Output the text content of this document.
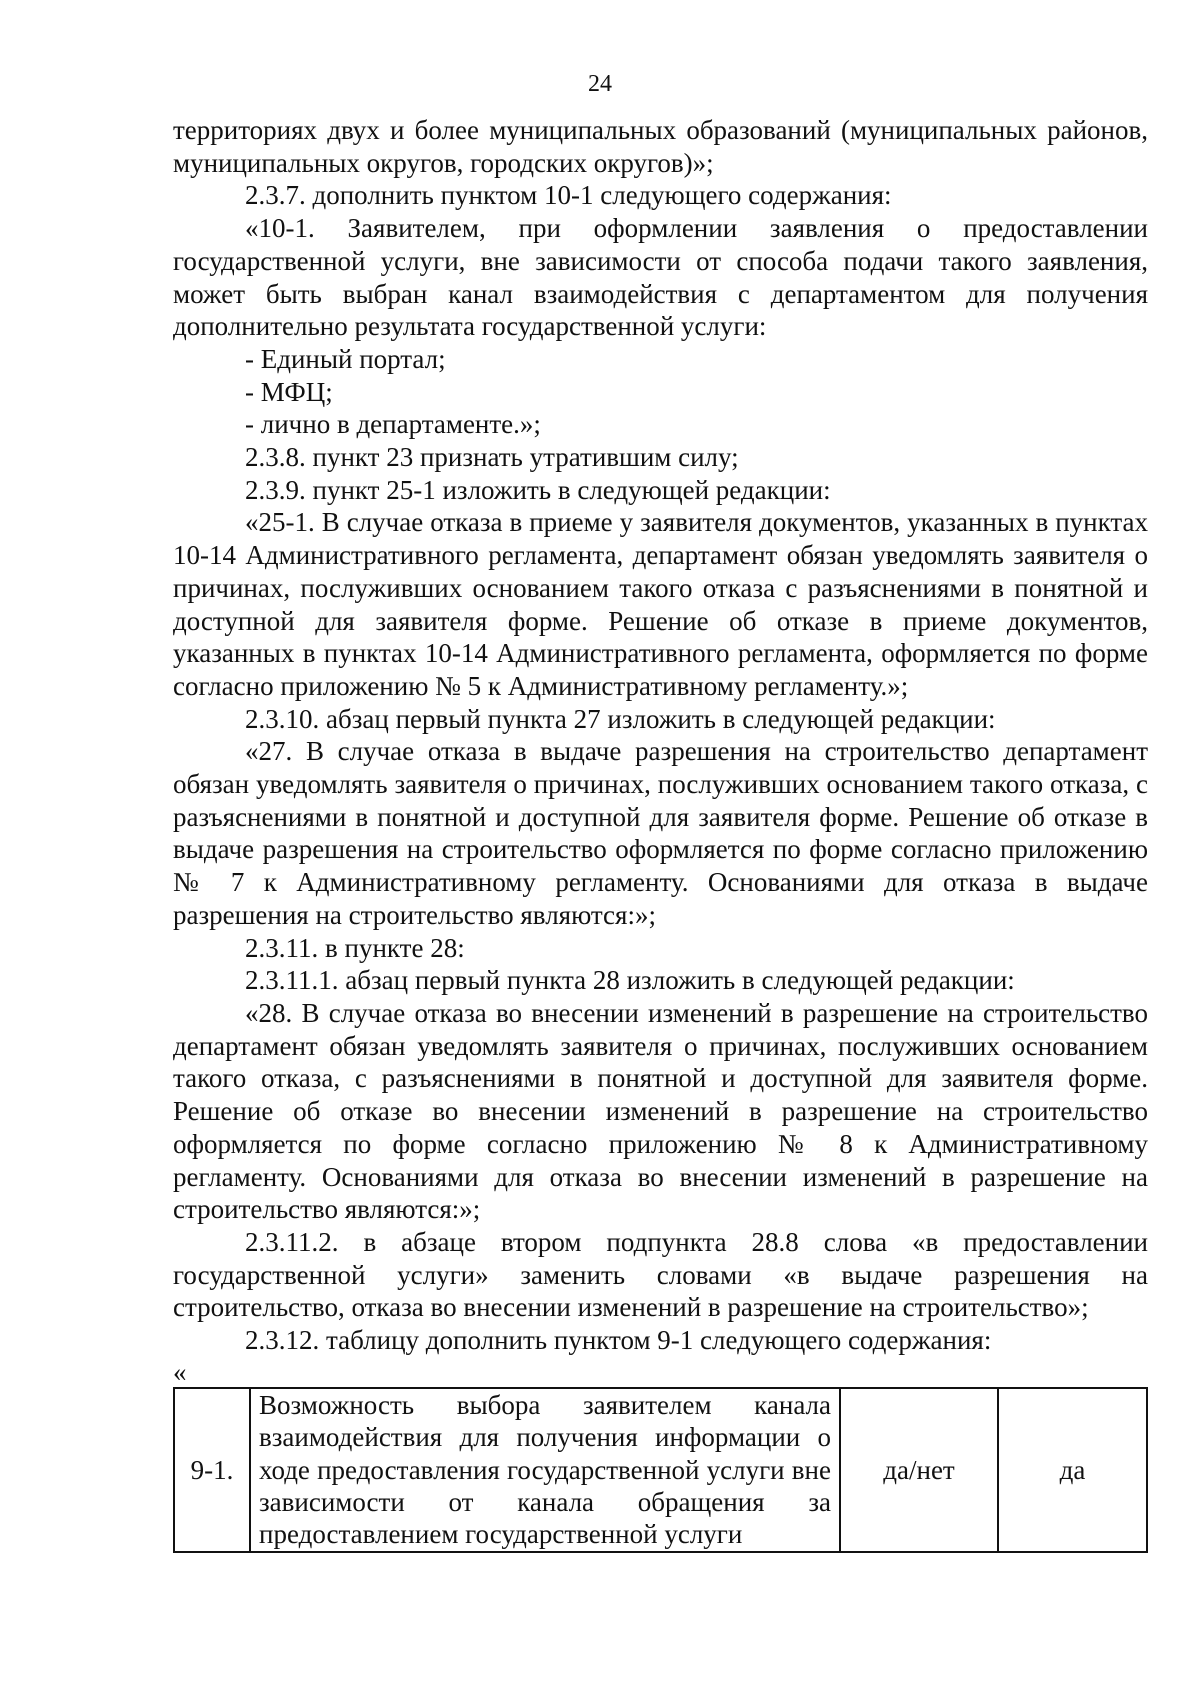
24

территориях двух и более муниципальных образований (муниципальных районов, муниципальных округов, городских округов)»;

2.3.7. дополнить пунктом 10-1 следующего содержания:

«10-1. Заявителем, при оформлении заявления о предоставлении государственной услуги, вне зависимости от способа подачи такого заявления, может быть выбран канал взаимодействия с департаментом для получения дополнительно результата государственной услуги:

- Единый портал;

- МФЦ;

- лично в департаменте.»;

2.3.8. пункт 23 признать утратившим силу;

2.3.9. пункт 25-1 изложить в следующей редакции:

«25-1. В случае отказа в приеме у заявителя документов, указанных в пунктах 10-14 Административного регламента, департамент обязан уведомлять заявителя о причинах, послуживших основанием такого отказа с разъяснениями в понятной и доступной для заявителя форме. Решение об отказе в приеме документов, указанных в пунктах 10-14 Административного регламента, оформляется по форме согласно приложению № 5 к Административному регламенту.»;

2.3.10. абзац первый пункта 27 изложить в следующей редакции:

«27. В случае отказа в выдаче разрешения на строительство департамент обязан уведомлять заявителя о причинах, послуживших основанием такого отказа, с разъяснениями в понятной и доступной для заявителя форме. Решение об отказе в выдаче разрешения на строительство оформляется по форме согласно приложению № 7 к Административному регламенту. Основаниями для отказа в выдаче разрешения на строительство являются:»;

2.3.11. в пункте 28:

2.3.11.1. абзац первый пункта 28 изложить в следующей редакции:

«28. В случае отказа во внесении изменений в разрешение на строительство департамент обязан уведомлять заявителя о причинах, послуживших основанием такого отказа, с разъяснениями в понятной и доступной для заявителя форме. Решение об отказе во внесении изменений в разрешение на строительство оформляется по форме согласно приложению № 8 к Административному регламенту. Основаниями для отказа во внесении изменений в разрешение на строительство являются:»;

2.3.11.2. в абзаце втором подпункта 28.8 слова «в предоставлении государственной услуги» заменить словами «в выдаче разрешения на строительство, отказа во внесении изменений в разрешение на строительство»;

2.3.12. таблицу дополнить пунктом 9-1 следующего содержания:

«

9-1.	Возможность выбора заявителем канала взаимодействия для получения информации о ходе предоставления государственной услуги вне зависимости от канала обращения за предоставлением государственной услуги	да/нет	да
